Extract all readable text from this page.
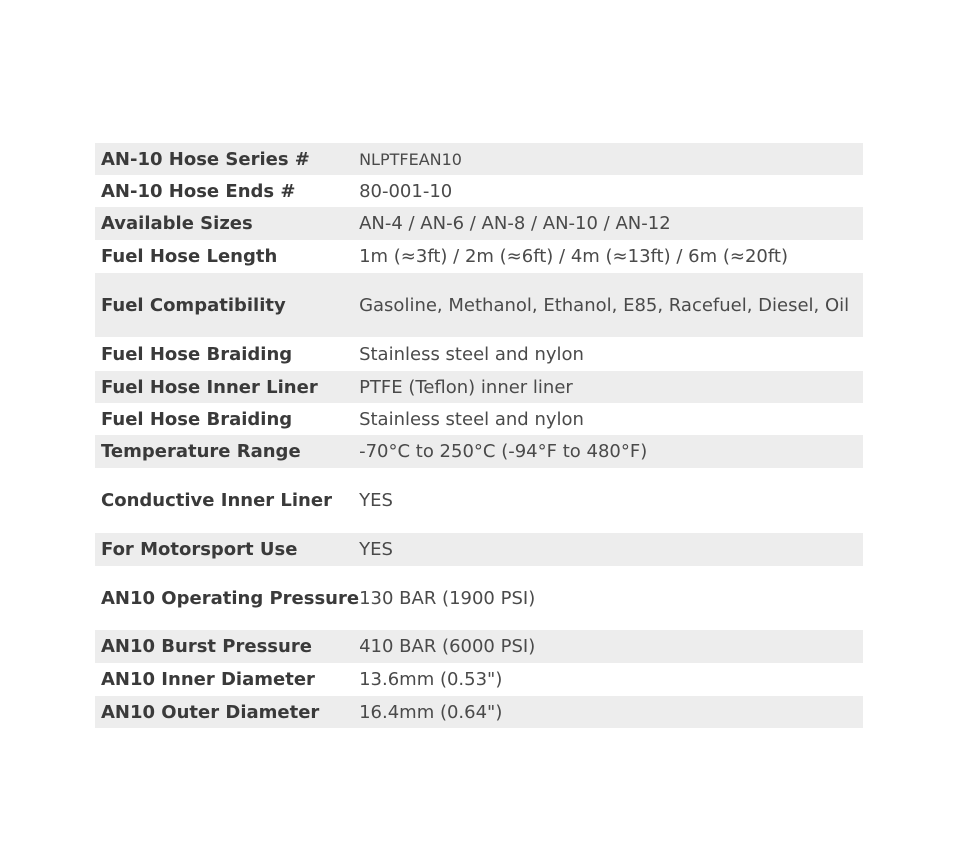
AN-10 Hose Series #	NLPTFEAN10
AN-10 Hose Ends #	80-001-10
Available Sizes	AN-4 / AN-6 / AN-8 / AN-10 / AN-12
Fuel Hose Length	1m (≈3ft) / 2m (≈6ft) / 4m (≈13ft) / 6m (≈20ft)
Fuel Compatibility	Gasoline, Methanol, Ethanol, E85, Racefuel, Diesel, Oil
Fuel Hose Braiding	Stainless steel and nylon
Fuel Hose Inner Liner	PTFE (Teflon) inner liner
Fuel Hose Braiding	Stainless steel and nylon
Temperature Range	-70°C to 250°C (-94°F to 480°F)
Conductive Inner Liner	YES
For Motorsport Use	YES
AN10 Operating Pressure	130 BAR (1900 PSI)
AN10 Burst Pressure	410 BAR (6000 PSI)
AN10 Inner Diameter	13.6mm (0.53")
AN10 Outer Diameter	16.4mm (0.64")
